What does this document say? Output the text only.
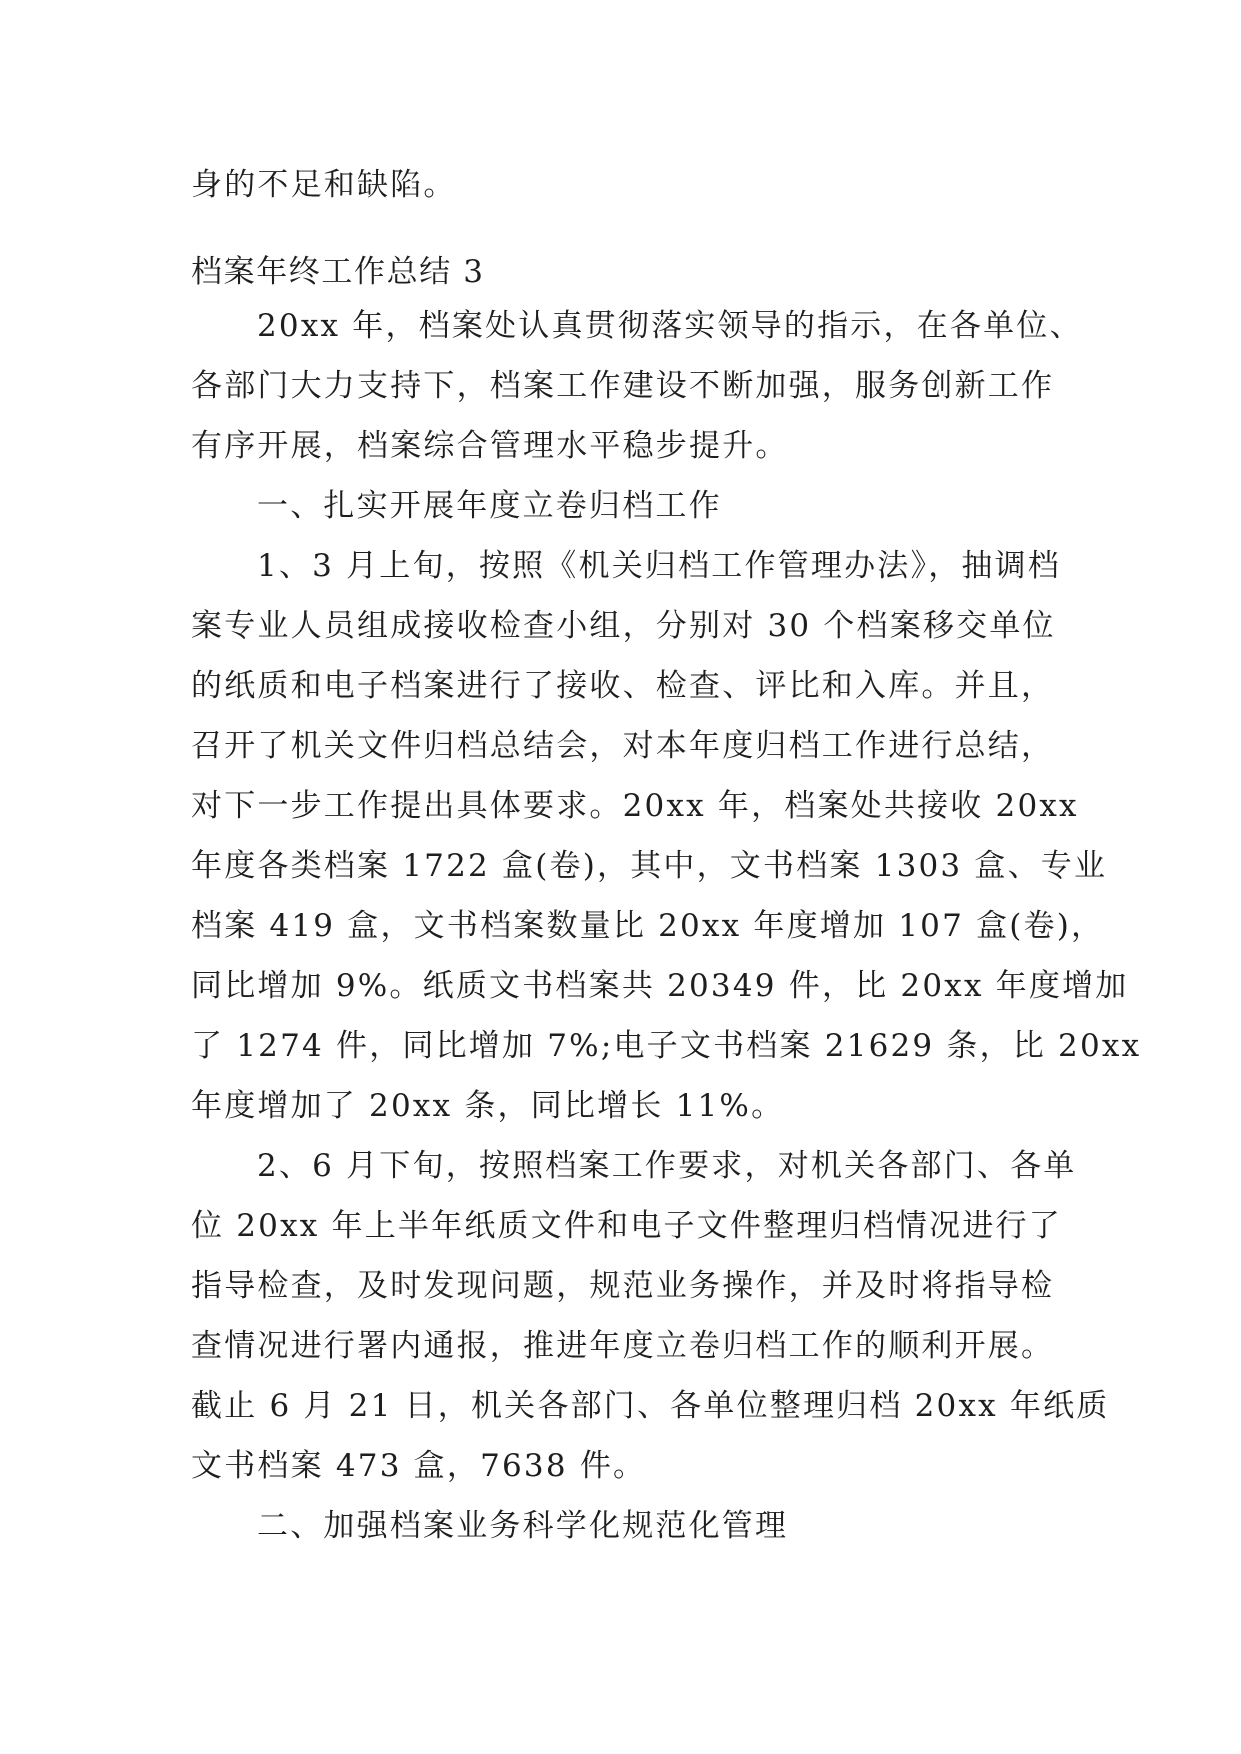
身的不足和缺陷。
档案年终工作总结 3
20xx 年，档案处认真贯彻落实领导的指示，在各单位、
各部门大力支持下，档案工作建设不断加强，服务创新工作
有序开展，档案综合管理水平稳步提升。
一、扎实开展年度立卷归档工作
1、3 月上旬，按照《机关归档工作管理办法》，抽调档
案专业人员组成接收检查小组，分别对 30 个档案移交单位
的纸质和电子档案进行了接收、检查、评比和入库。并且，
召开了机关文件归档总结会，对本年度归档工作进行总结，
对下一步工作提出具体要求。20xx 年，档案处共接收 20xx
年度各类档案 1722 盒(卷)，其中，文书档案 1303 盒、专业
档案 419 盒，文书档案数量比 20xx 年度增加 107 盒(卷)，
同比增加 9%。纸质文书档案共 20349 件，比 20xx 年度增加
了 1274 件，同比增加 7%;电子文书档案 21629 条，比 20xx
年度增加了 20xx 条，同比增长 11%。
2、6 月下旬，按照档案工作要求，对机关各部门、各单
位 20xx 年上半年纸质文件和电子文件整理归档情况进行了
指导检查，及时发现问题，规范业务操作，并及时将指导检
查情况进行署内通报，推进年度立卷归档工作的顺利开展。
截止 6 月 21 日，机关各部门、各单位整理归档 20xx 年纸质
文书档案 473 盒，7638 件。
二、加强档案业务科学化规范化管理
